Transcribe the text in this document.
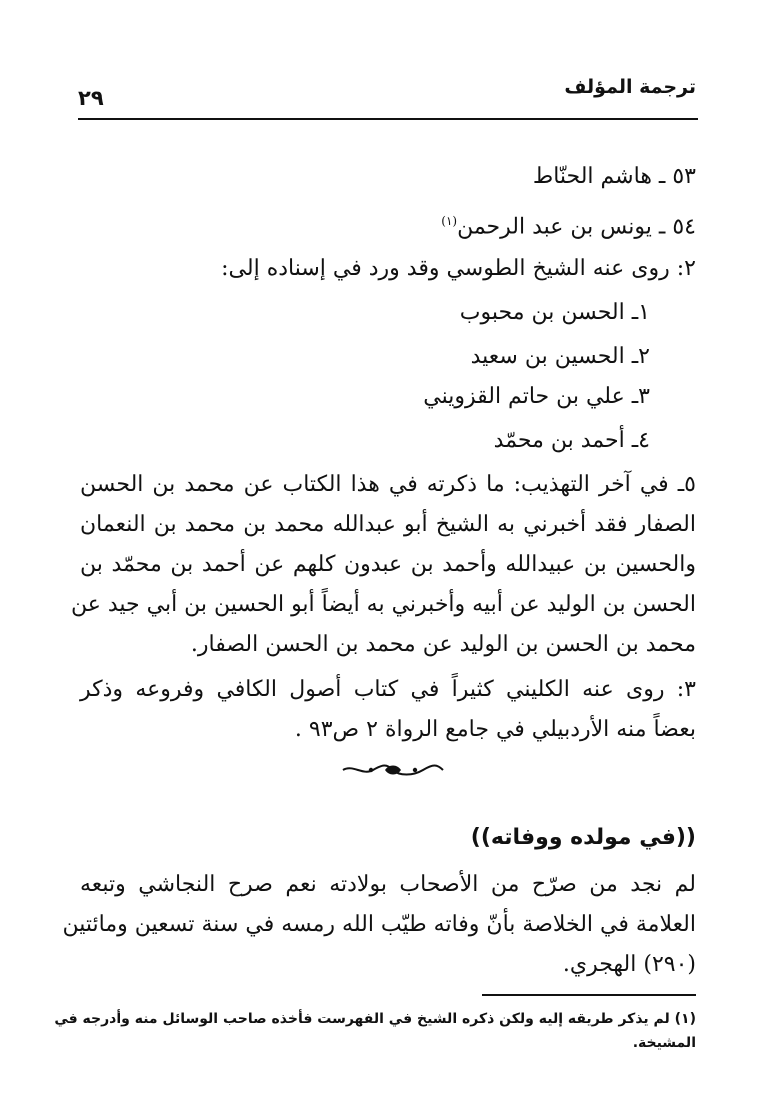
ترجمة المؤلف
٢٩
٥٣ ـ هاشم الحنّاط
٥٤ ـ يونس بن عبد الرحمن$^{(١)}$
٢: روى عنه الشيخ الطوسي وقد ورد في إسناده إلى:
١ـ الحسن بن محبوب
٢ـ الحسين بن سعيد
٣ـ علي بن حاتم القزويني
٤ـ أحمد بن محمّد
٥ـ في آخر التهذيب: ما ذكرته في هذا الكتاب عن محمد بن الحسن
الصفار فقد أخبرني به الشيخ أبو عبدالله محمد بن محمد بن النعمان
والحسين بن عبيدالله وأحمد بن عبدون كلهم عن أحمد بن محمّد بن
الحسن بن الوليد عن أبيه وأخبرني به أيضاً أبو الحسين بن أبي جيد عن
محمد بن الحسن بن الوليد عن محمد بن الحسن الصفار.
٣: روى عنه الكليني كثيراً في كتاب أصول الكافي وفروعه وذكر
بعضاً منه الأردبيلي في جامع الرواة ٢ ص٩٣ .
((في مولده ووفاته))
لم نجد من صرّح من الأصحاب بولادته نعم صرح النجاشي وتبعه
العلامة في الخلاصة بأنّ وفاته طيّب الله رمسه في سنة تسعين ومائتين
(٢٩٠) الهجري.
(١) لم يذكر طريقه إليه ولكن ذكره الشيخ في الفهرست فأخذه صاحب الوسائل منه وأدرجه في
المشيخة.
